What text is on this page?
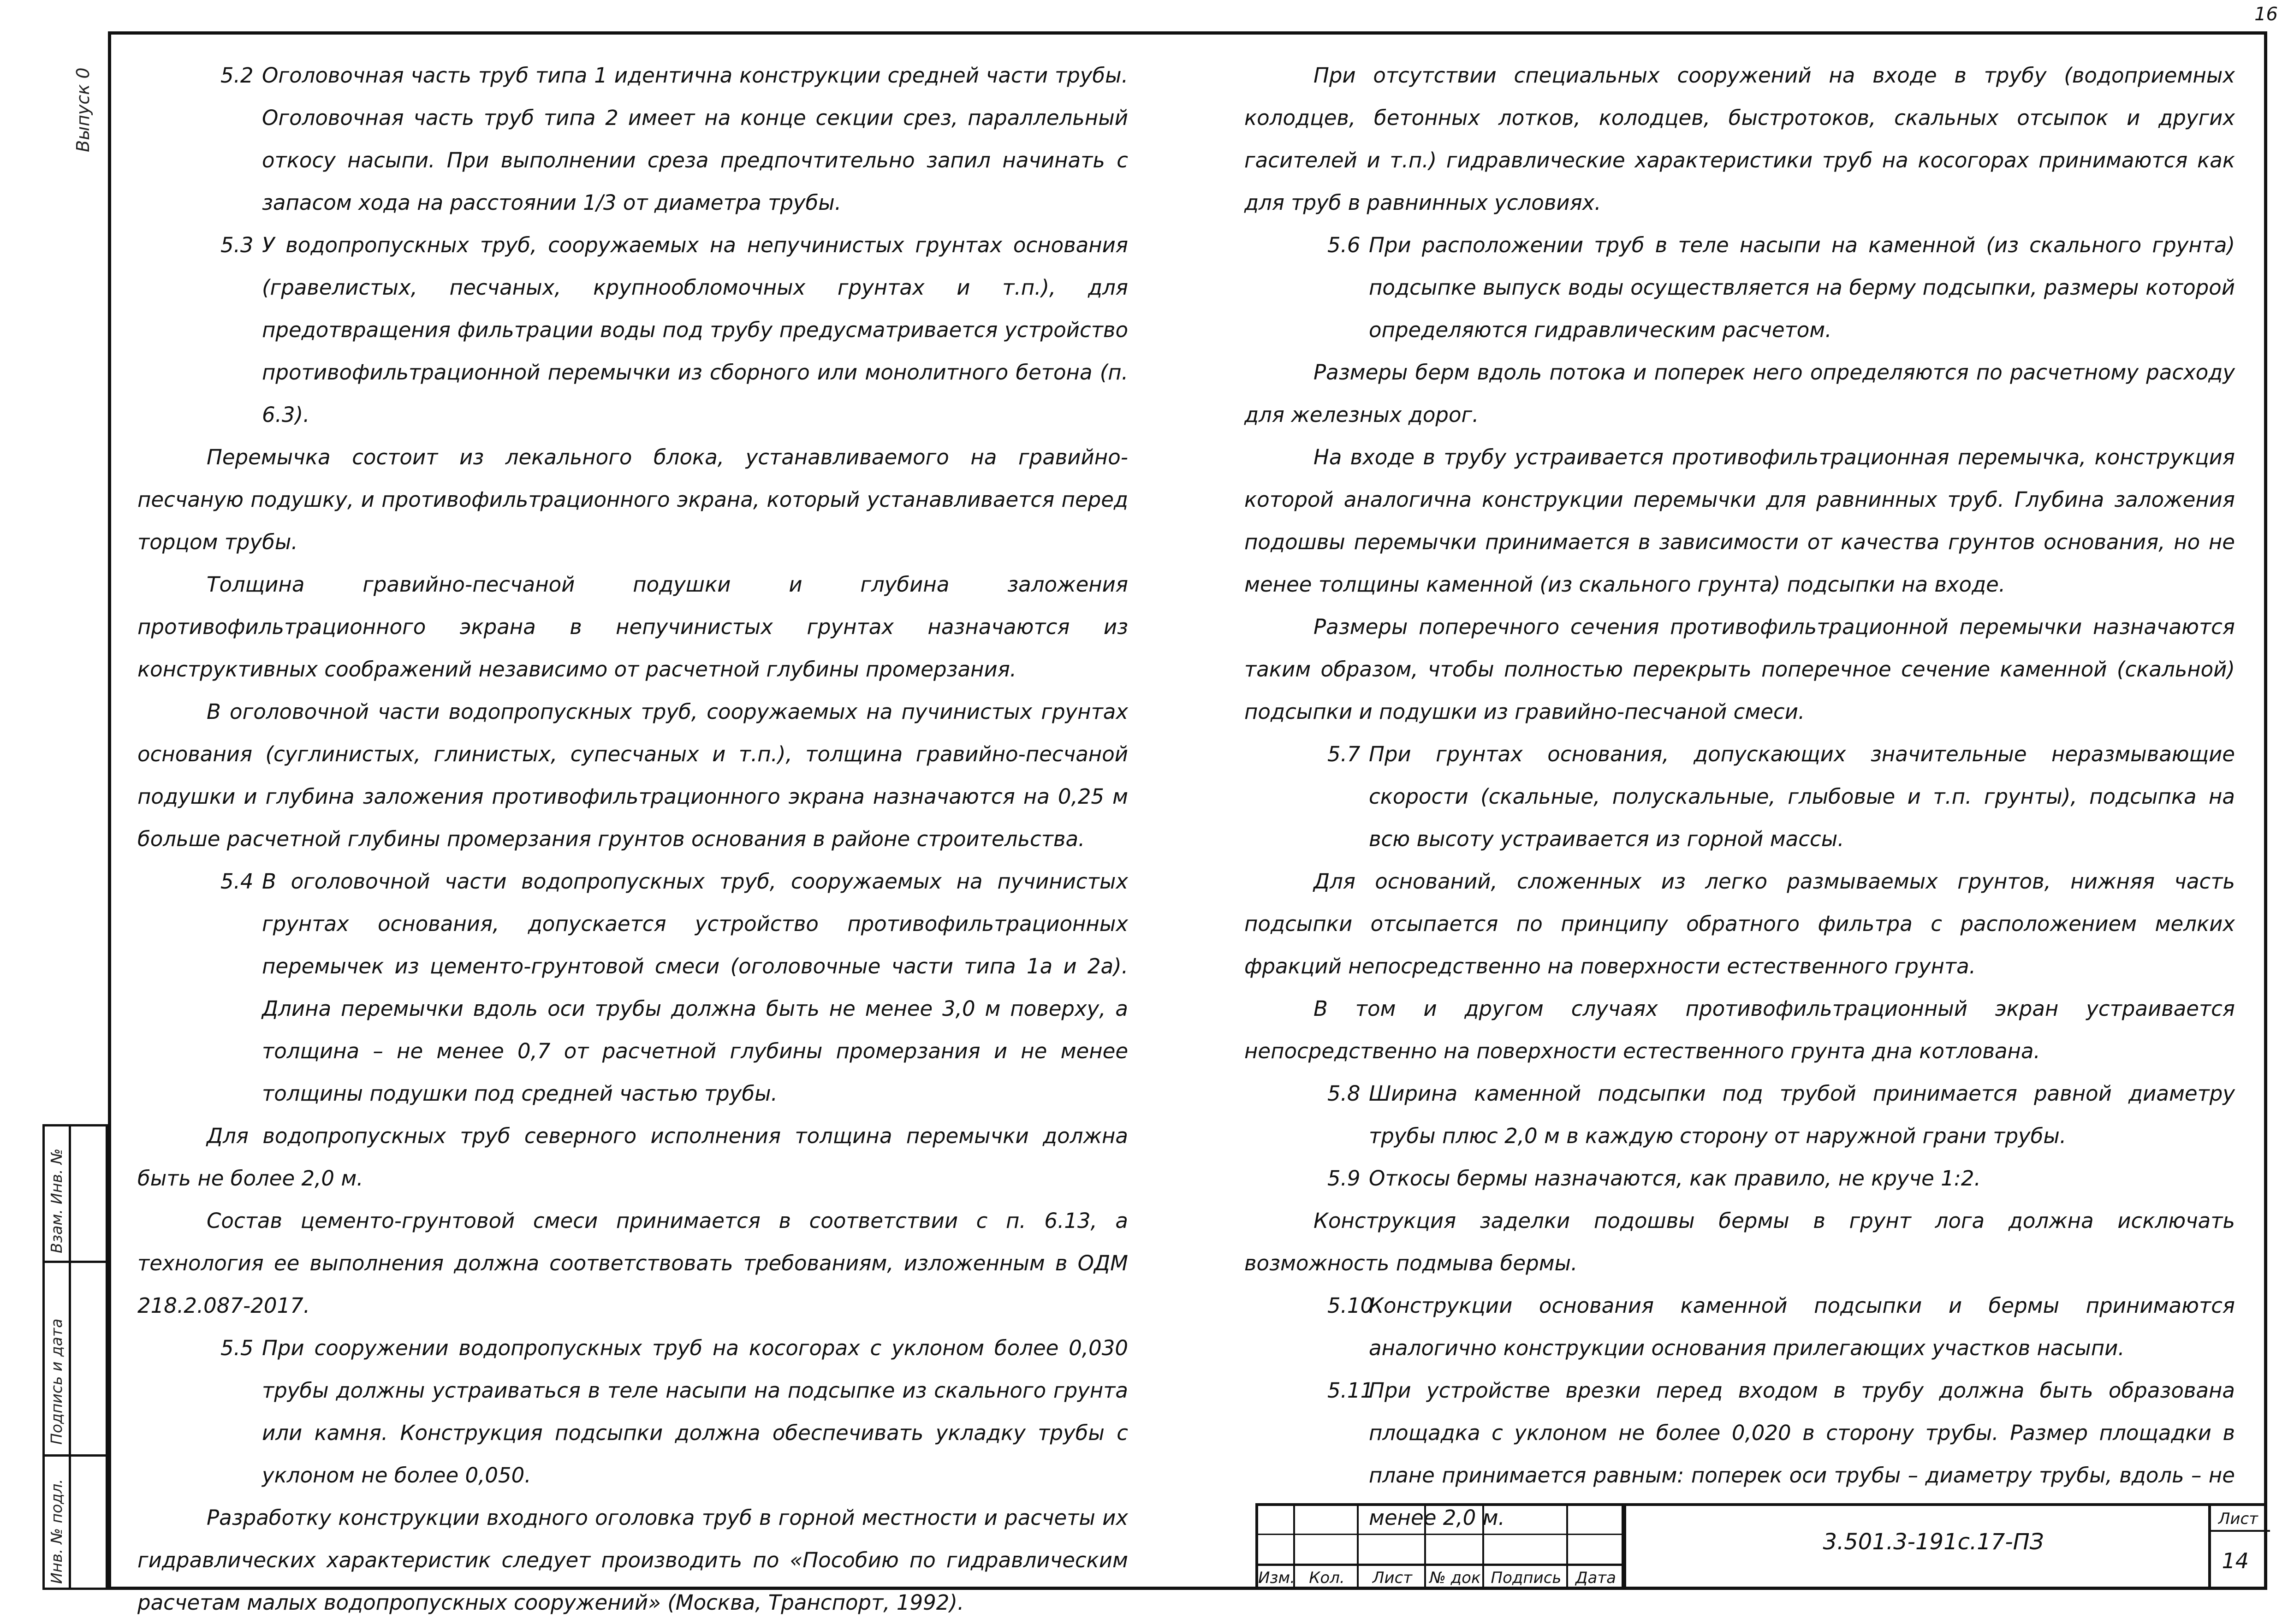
16
Выпуск 0
Взам. Инв. №
Подпись и дата
Инв. № подл.

5.2 Оголовочная часть труб типа 1 идентична конструкции средней части трубы. Оголовочная часть труб типа 2 имеет на конце секции срез, параллельный откосу насыпи. При выполнении среза предпочтительно запил начинать с запасом хода на расстоянии 1/3 от диаметра трубы.

5.3 У водопропускных труб, сооружаемых на непучинистых грунтах основания (гравелистых, песчаных, крупнообломочных грунтах и т.п.), для предотвращения фильтрации воды под трубу предусматривается устройство противофильтрационной перемычки из сборного или монолитного бетона (п. 6.3).

Перемычка состоит из лекального блока, устанавливаемого на гравийно-песчаную подушку, и противофильтрационного экрана, который устанавливается перед торцом трубы.

Толщина гравийно-песчаной подушки и глубина заложения противофильтрационного экрана в непучинистых грунтах назначаются из конструктивных соображений независимо от расчетной глубины промерзания.

В оголовочной части водопропускных труб, сооружаемых на пучинистых грунтах основания (суглинистых, глинистых, супесчаных и т.п.), толщина гравийно-песчаной подушки и глубина заложения противофильтрационного экрана назначаются на 0,25 м больше расчетной глубины промерзания грунтов основания в районе строительства.

5.4 В оголовочной части водопропускных труб, сооружаемых на пучинистых грунтах основания, допускается устройство противофильтрационных перемычек из цементо-грунтовой смеси (оголовочные части типа 1а и 2а). Длина перемычки вдоль оси трубы должна быть не менее 3,0 м поверху, а толщина – не менее 0,7 от расчетной глубины промерзания и не менее толщины подушки под средней частью трубы.

Для водопропускных труб северного исполнения толщина перемычки должна быть не более 2,0 м.

Состав цементо-грунтовой смеси принимается в соответствии с п. 6.13, а технология ее выполнения должна соответствовать требованиям, изложенным в ОДМ 218.2.087-2017.

5.5 При сооружении водопропускных труб на косогорах с уклоном более 0,030 трубы должны устраиваться в теле насыпи на подсыпке из скального грунта или камня. Конструкция подсыпки должна обеспечивать укладку трубы с уклоном не более 0,050.

Разработку конструкции входного оголовка труб в горной местности и расчеты их гидравлических характеристик следует производить по «Пособию по гидравлическим расчетам малых водопропускных сооружений» (Москва, Транспорт, 1992).

При отсутствии специальных сооружений на входе в трубу (водоприемных колодцев, бетонных лотков, колодцев, быстротоков, скальных отсыпок и других гасителей и т.п.) гидравлические характеристики труб на косогорах принимаются как для труб в равнинных условиях.

5.6 При расположении труб в теле насыпи на каменной (из скального грунта) подсыпке выпуск воды осуществляется на берму подсыпки, размеры которой определяются гидравлическим расчетом.

Размеры берм вдоль потока и поперек него определяются по расчетному расходу для железных дорог.

На входе в трубу устраивается противофильтрационная перемычка, конструкция которой аналогична конструкции перемычки для равнинных труб. Глубина заложения подошвы перемычки принимается в зависимости от качества грунтов основания, но не менее толщины каменной (из скального грунта) подсыпки на входе.

Размеры поперечного сечения противофильтрационной перемычки назначаются таким образом, чтобы полностью перекрыть поперечное сечение каменной (скальной) подсыпки и подушки из гравийно-песчаной смеси.

5.7 При грунтах основания, допускающих значительные неразмывающие скорости (скальные, полускальные, глыбовые и т.п. грунты), подсыпка на всю высоту устраивается из горной массы.

Для оснований, сложенных из легко размываемых грунтов, нижняя часть подсыпки отсыпается по принципу обратного фильтра с расположением мелких фракций непосредственно на поверхности естественного грунта.

В том и другом случаях противофильтрационный экран устраивается непосредственно на поверхности естественного грунта дна котлована.

5.8 Ширина каменной подсыпки под трубой принимается равной диаметру трубы плюс 2,0 м в каждую сторону от наружной грани трубы.

5.9 Откосы бермы назначаются, как правило, не круче 1:2.

Конструкция заделки подошвы бермы в грунт лога должна исключать возможность подмыва бермы.

5.10Конструкции основания каменной подсыпки и бермы принимаются аналогично конструкции основания прилегающих участков насыпи.

5.11При устройстве врезки перед входом в трубу должна быть образована площадка с уклоном не более 0,020 в сторону трубы. Размер площадки в плане принимается равным: поперек оси трубы – диаметру трубы, вдоль – не менее 2,0 м.

Изм. Кол.	Лист	№ док Подпись Дата
3.501.3-191с.17-ПЗ
Лист
14
